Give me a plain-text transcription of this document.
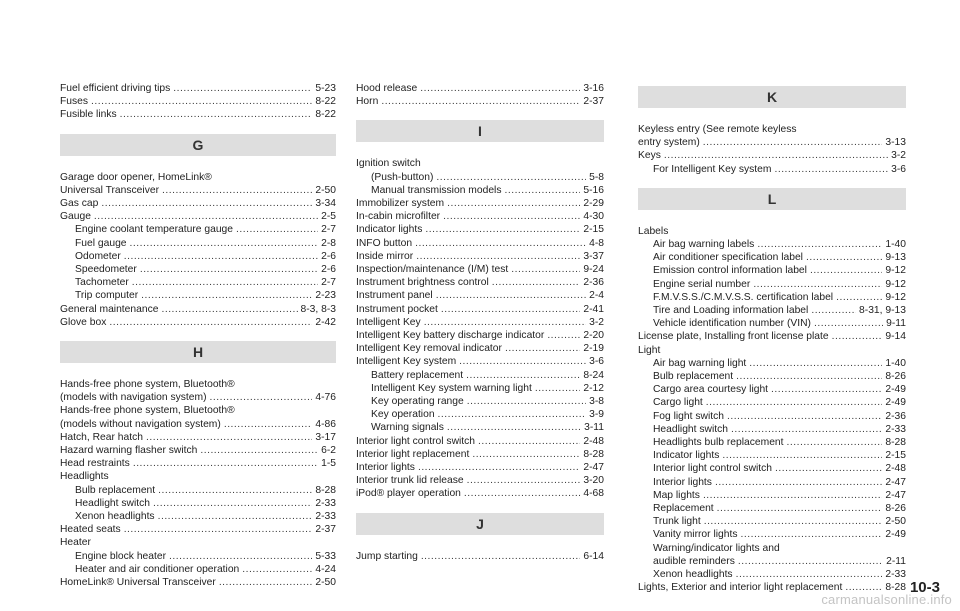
Fuel efficient driving tips .....	5-23
Fuses .....	8-22
Fusible links .....	8-22
G
Garage door opener, HomeLink®
Universal Transceiver .....	2-50
Gas cap .....	3-34
Gauge .....	2-5
Engine coolant temperature gauge .....	2-7
Fuel gauge .....	2-8
Odometer .....	2-6
Speedometer .....	2-6
Tachometer .....	2-7
Trip computer .....	2-23
General maintenance .....	8-3, 8-3
Glove box .....	2-42
H
Hands-free phone system, Bluetooth®
(models with navigation system) .....	4-76
Hands-free phone system, Bluetooth®
(models without navigation system) .....	4-86
Hatch, Rear hatch .....	3-17
Hazard warning flasher switch .....	6-2
Head restraints .....	1-5
Headlights
Bulb replacement .....	8-28
Headlight switch .....	2-33
Xenon headlights .....	2-33
Heated seats .....	2-37
Heater
Engine block heater .....	5-33
Heater and air conditioner operation .....	4-24
HomeLink® Universal Transceiver .....	2-50
Hood release .....	3-16
Horn .....	2-37
I
Ignition switch
(Push-button) .....	5-8
Manual transmission models .....	5-16
Immobilizer system .....	2-29
In-cabin microfilter .....	4-30
Indicator lights .....	2-15
INFO button .....	4-8
Inside mirror .....	3-37
Inspection/maintenance (I/M) test .....	9-24
Instrument brightness control .....	2-36
Instrument panel .....	2-4
Instrument pocket .....	2-41
Intelligent Key .....	3-2
Intelligent Key battery discharge indicator .....	2-20
Intelligent Key removal indicator .....	2-19
Intelligent Key system .....	3-6
Battery replacement .....	8-24
Intelligent Key system warning light .....	2-12
Key operating range .....	3-8
Key operation .....	3-9
Warning signals .....	3-11
Interior light control switch .....	2-48
Interior light replacement .....	8-28
Interior lights .....	2-47
Interior trunk lid release .....	3-20
iPod® player operation .....	4-68
J
Jump starting .....	6-14
K
Keyless entry (See remote keyless
entry system) .....	3-13
Keys .....	3-2
For Intelligent Key system .....	3-6
L
Labels
Air bag warning labels .....	1-40
Air conditioner specification label .....	9-13
Emission control information label .....	9-12
Engine serial number .....	9-12
F.M.V.S.S./C.M.V.S.S. certification label .....	9-12
Tire and Loading information label .....	8-31, 9-13
Vehicle identification number (VIN) .....	9-11
License plate, Installing front license plate .....	9-14
Light
Air bag warning light .....	1-40
Bulb replacement .....	8-26
Cargo area courtesy light .....	2-49
Cargo light .....	2-49
Fog light switch .....	2-36
Headlight switch .....	2-33
Headlights bulb replacement .....	8-28
Indicator lights .....	2-15
Interior light control switch .....	2-48
Interior lights .....	2-47
Map lights .....	2-47
Replacement .....	8-26
Trunk light .....	2-50
Vanity mirror lights .....	2-49
Warning/indicator lights and
audible reminders .....	2-11
Xenon headlights .....	2-33
Lights, Exterior and interior light replacement .....	8-28 10-3
carmanualsonline.info
